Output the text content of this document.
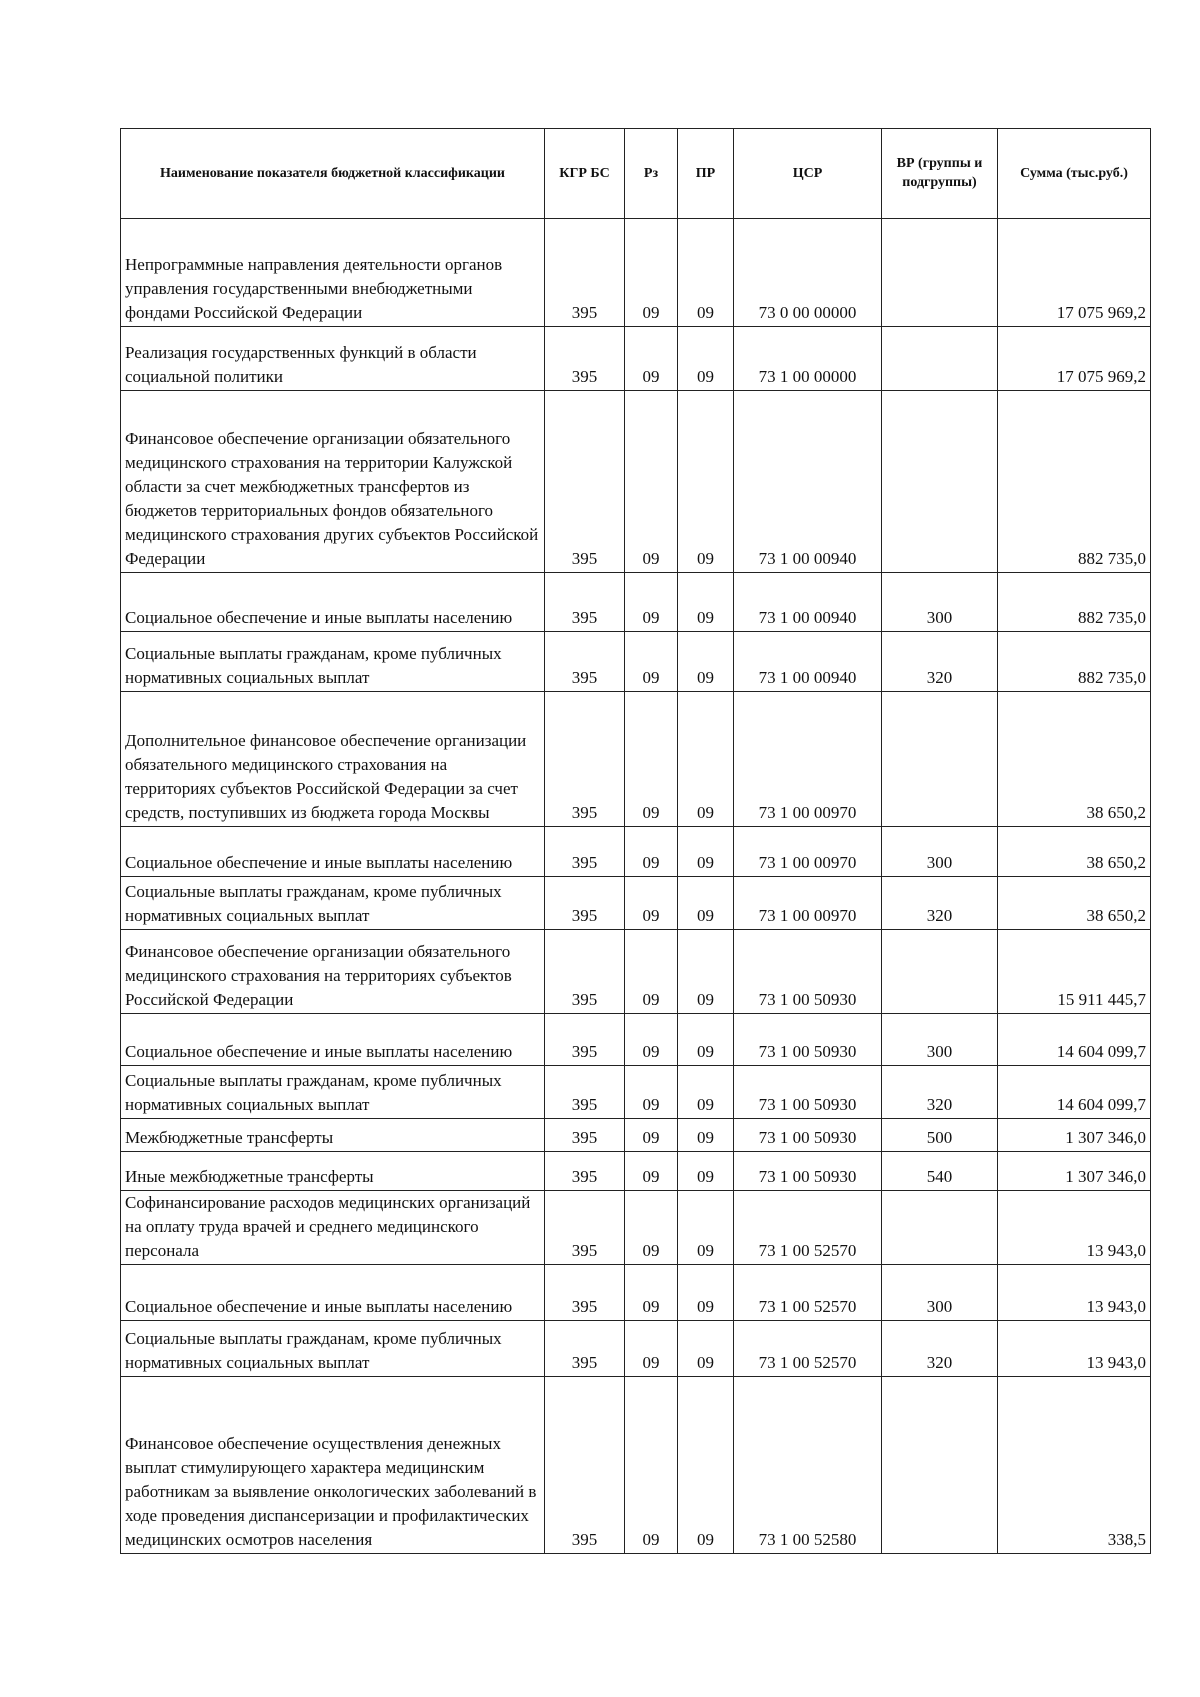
Наименование показателя бюджетной классификации	КГР БС	Рз	ПР	ЦСР	ВР (группы и подгруппы)	Сумма (тыс.руб.)
Непрограммные направления деятельности органов управления государственными внебюджетными фондами Российской Федерации	395	09	09	73 0 00 00000		17 075 969,2
Реализация государственных функций в области социальной политики	395	09	09	73 1 00 00000		17 075 969,2
Финансовое обеспечение организации обязательного медицинского страхования на территории Калужской области за счет межбюджетных трансфертов из бюджетов территориальных фондов обязательного медицинского страхования других субъектов Российской Федерации	395	09	09	73 1 00 00940		882 735,0
Социальное обеспечение и иные выплаты населению	395	09	09	73 1 00 00940	300	882 735,0
Социальные выплаты гражданам, кроме публичных нормативных социальных выплат	395	09	09	73 1 00 00940	320	882 735,0
Дополнительное финансовое обеспечение организации обязательного медицинского страхования на территориях субъектов Российской Федерации за счет средств, поступивших из бюджета города Москвы	395	09	09	73 1 00 00970		38 650,2
Социальное обеспечение и иные выплаты населению	395	09	09	73 1 00 00970	300	38 650,2
Социальные выплаты гражданам, кроме публичных нормативных социальных выплат	395	09	09	73 1 00 00970	320	38 650,2
Финансовое обеспечение организации обязательного медицинского страхования на территориях субъектов Российской Федерации	395	09	09	73 1 00 50930		15 911 445,7
Социальное обеспечение и иные выплаты населению	395	09	09	73 1 00 50930	300	14 604 099,7
Социальные выплаты гражданам, кроме публичных нормативных социальных выплат	395	09	09	73 1 00 50930	320	14 604 099,7
Межбюджетные трансферты	395	09	09	73 1 00 50930	500	1 307 346,0
Иные межбюджетные трансферты	395	09	09	73 1 00 50930	540	1 307 346,0
Софинансирование расходов медицинских организаций на оплату труда врачей и среднего медицинского персонала	395	09	09	73 1 00 52570		13 943,0
Социальное обеспечение и иные выплаты населению	395	09	09	73 1 00 52570	300	13 943,0
Социальные выплаты гражданам, кроме публичных нормативных социальных выплат	395	09	09	73 1 00 52570	320	13 943,0
Финансовое обеспечение осуществления денежных выплат стимулирующего характера медицинским работникам за выявление онкологических заболеваний в ходе проведения диспансеризации и профилактических медицинских осмотров населения	395	09	09	73 1 00 52580		338,5
